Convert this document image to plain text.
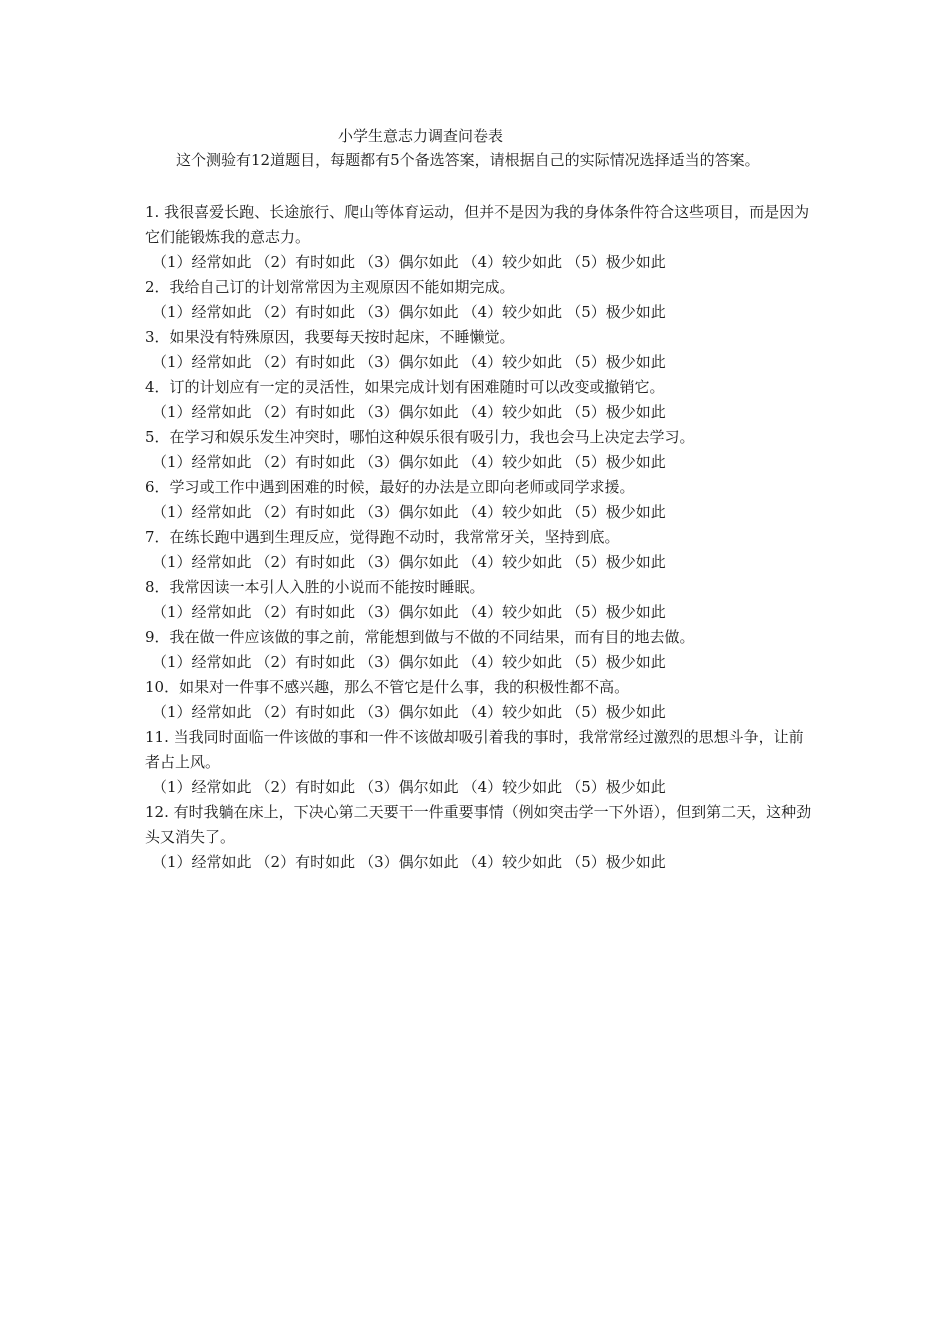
小学生意志力调查问卷表
这个测验有12道题目，每题都有5个备选答案，请根据自己的实际情况选择适当的答案。

1. 我很喜爱长跑、长途旅行、爬山等体育运动，但并不是因为我的身体条件符合这些项目，而是因为它们能锻炼我的意志力。

（1）经常如此 （2）有时如此 （3）偶尔如此 （4）较少如此 （5）极少如此

2．我给自己订的计划常常因为主观原因不能如期完成。

（1）经常如此 （2）有时如此 （3）偶尔如此 （4）较少如此 （5）极少如此

3．如果没有特殊原因，我要每天按时起床，不睡懒觉。

（1）经常如此 （2）有时如此 （3）偶尔如此 （4）较少如此 （5）极少如此

4．订的计划应有一定的灵活性，如果完成计划有困难随时可以改变或撤销它。

（1）经常如此 （2）有时如此 （3）偶尔如此 （4）较少如此 （5）极少如此

5．在学习和娱乐发生冲突时，哪怕这种娱乐很有吸引力，我也会马上决定去学习。

（1）经常如此 （2）有时如此 （3）偶尔如此 （4）较少如此 （5）极少如此

6．学习或工作中遇到困难的时候，最好的办法是立即向老师或同学求援。

（1）经常如此 （2）有时如此 （3）偶尔如此 （4）较少如此 （5）极少如此

7．在练长跑中遇到生理反应，觉得跑不动时，我常常牙关，坚持到底。

（1）经常如此 （2）有时如此 （3）偶尔如此 （4）较少如此 （5）极少如此

8．我常因读一本引人入胜的小说而不能按时睡眠。

（1）经常如此 （2）有时如此 （3）偶尔如此 （4）较少如此 （5）极少如此

9．我在做一件应该做的事之前，常能想到做与不做的不同结果，而有目的地去做。

（1）经常如此 （2）有时如此 （3）偶尔如此 （4）较少如此 （5）极少如此

10．如果对一件事不感兴趣，那么不管它是什么事，我的积极性都不高。

（1）经常如此 （2）有时如此 （3）偶尔如此 （4）较少如此 （5）极少如此

11. 当我同时面临一件该做的事和一件不该做却吸引着我的事时，我常常经过激烈的思想斗争，让前者占上风。

（1）经常如此 （2）有时如此 （3）偶尔如此 （4）较少如此 （5）极少如此

12. 有时我躺在床上，下决心第二天要干一件重要事情（例如突击学一下外语），但到第二天，这种劲头又消失了。

（1）经常如此 （2）有时如此 （3）偶尔如此 （4）较少如此 （5）极少如此
